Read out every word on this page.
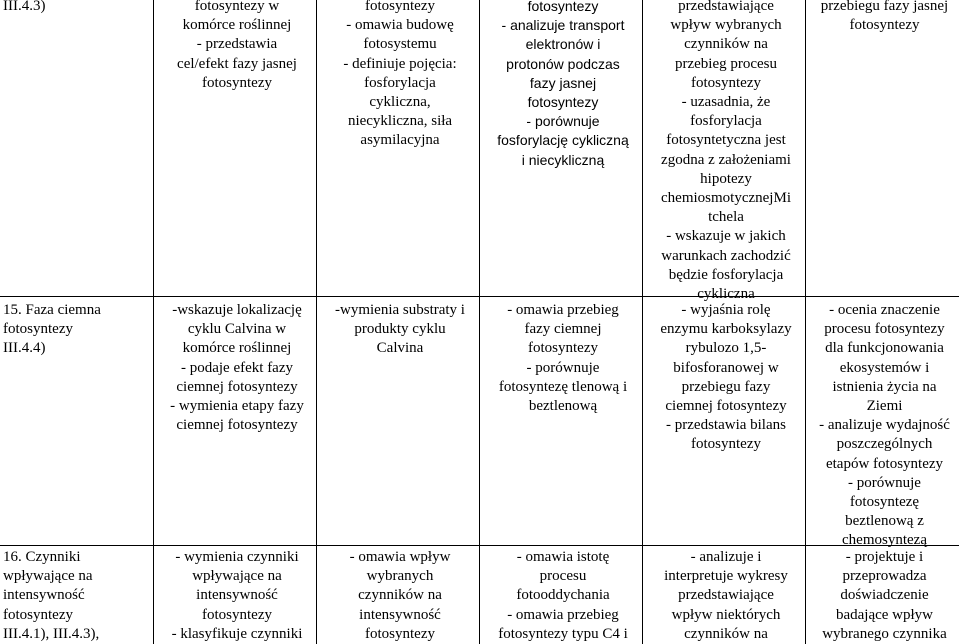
III.4.3)	fotosyntezy w
komórce roślinnej
- przedstawia
cel/efekt fazy jasnej
fotosyntezy

fotosyntezy
- omawia budowę
fotosystemu
- definiuje pojęcia:
fosforylacja
cykliczna,
niecykliczna, siła
asymilacyjna

fotosyntezy
- analizuje transport
elektronów i
protonów podczas
fazy jasnej
fotosyntezy
- porównuje
fosforylację cykliczną
i niecykliczną

przedstawiające
wpływ wybranych
czynników na
przebieg procesu
fotosyntezy
- uzasadnia, że
fosforylacja
fotosyntetyczna jest
zgodna z założeniami
hipotezy
chemiosmotycznejMi
tchela
- wskazuje w jakich
warunkach zachodzić
będzie fosforylacja
cykliczna

przebiegu fazy jasnej
fotosyntezy

15. Faza ciemna
fotosyntezy
III.4.4)

-wskazuje lokalizację
cyklu Calvina w
komórce roślinnej
- podaje efekt fazy
ciemnej fotosyntezy
- wymienia etapy fazy
ciemnej fotosyntezy

-wymienia substraty i
produkty cyklu
Calvina

- omawia przebieg
fazy ciemnej
fotosyntezy
- porównuje
fotosyntezę tlenową i
beztlenową

- wyjaśnia rolę
enzymu karboksylazy
rybulozo 1,5-
bifosforanowej w
przebiegu fazy
ciemnej fotosyntezy
- przedstawia bilans
fotosyntezy

- ocenia znaczenie
procesu fotosyntezy
dla funkcjonowania
ekosystemów i
istnienia życia na
Ziemi
- analizuje wydajność
poszczególnych
etapów fotosyntezy
- porównuje
fotosyntezę
beztlenową z
chemosyntezą

16. Czynniki
wpływające na
intensywność
fotosyntezy
III.4.1), III.4.3),

- wymienia czynniki
wpływające na
intensywność
fotosyntezy
- klasyfikuje czynniki

- omawia wpływ
wybranych
czynników na
intensywność
fotosyntezy

- omawia istotę
procesu
fotooddychania
- omawia przebieg
fotosyntezy typu C4 i

- analizuje i
interpretuje wykresy
przedstawiające
wpływ niektórych
czynników na

- projektuje i
przeprowadza
doświadczenie
badające wpływ
wybranego czynnika
